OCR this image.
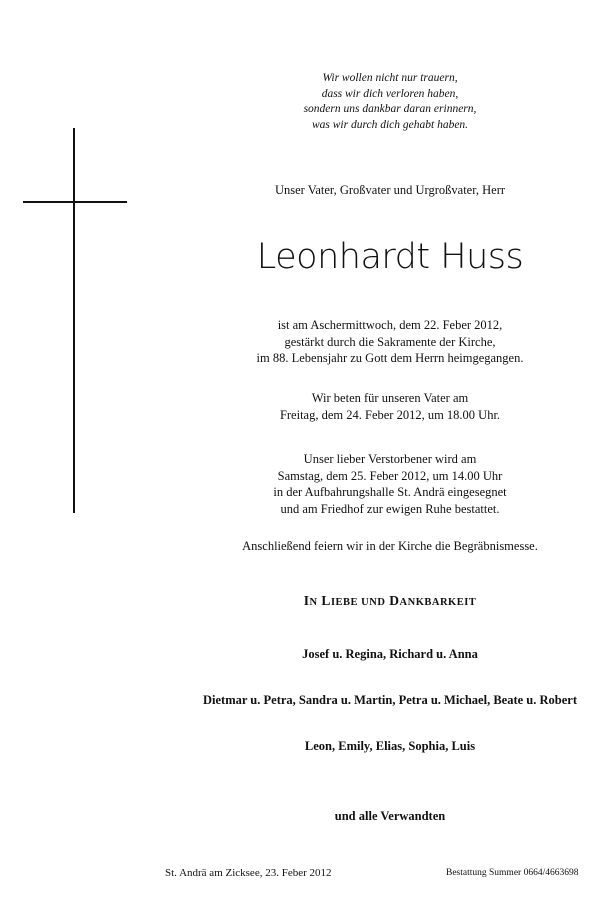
Wir wollen nicht nur trauern,
dass wir dich verloren haben,
sondern uns dankbar daran erinnern,
was wir durch dich gehabt haben.
Unser Vater, Großvater und Urgroßvater, Herr
Leonhardt Huss
ist am Aschermittwoch, dem 22. Feber 2012,
gestärkt durch die Sakramente der Kirche,
im 88. Lebensjahr zu Gott dem Herrn heimgegangen.
Wir beten für unseren Vater am
Freitag, dem 24. Feber 2012, um 18.00 Uhr.
Unser lieber Verstorbener wird am
Samstag, dem 25. Feber 2012, um 14.00 Uhr
in der Aufbahrungshalle St. Andrä eingesegnet
und am Friedhof zur ewigen Ruhe bestattet.
Anschließend feiern wir in der Kirche die Begräbnismesse.
IN LIEBE UND DANKBARKEIT
Josef u. Regina, Richard u. Anna
Dietmar u. Petra, Sandra u. Martin, Petra u. Michael, Beate u. Robert
Leon, Emily, Elias, Sophia, Luis
und alle Verwandten
St. Andrä am Zicksee, 23. Feber 2012	Bestattung Summer 0664/4663698
